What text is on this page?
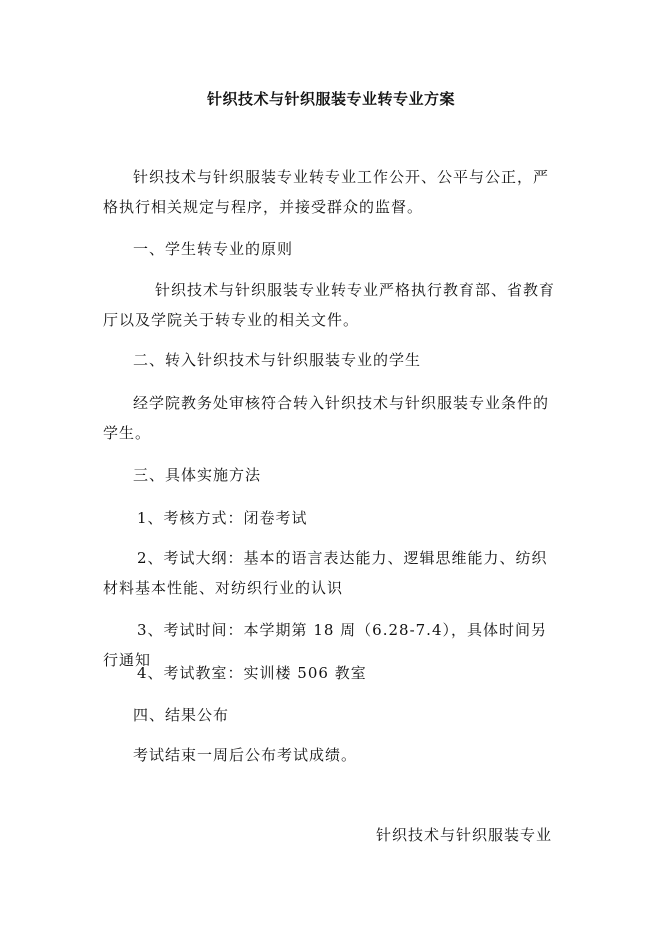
针织技术与针织服装专业转专业方案

针织技术与针织服装专业转专业工作公开、公平与公正，严格执行相关规定与程序，并接受群众的监督。

一、学生转专业的原则

针织技术与针织服装专业转专业严格执行教育部、省教育厅以及学院关于转专业的相关文件。

二、转入针织技术与针织服装专业的学生

经学院教务处审核符合转入针织技术与针织服装专业条件的学生。

三、具体实施方法

1、考核方式：闭卷考试

2、考试大纲：基本的语言表达能力、逻辑思维能力、纺织材料基本性能、对纺织行业的认识

3、考试时间：本学期第 18 周（6.28-7.4），具体时间另行通知

4、考试教室：实训楼 506 教室

四、结果公布

考试结束一周后公布考试成绩。

针织技术与针织服装专业
